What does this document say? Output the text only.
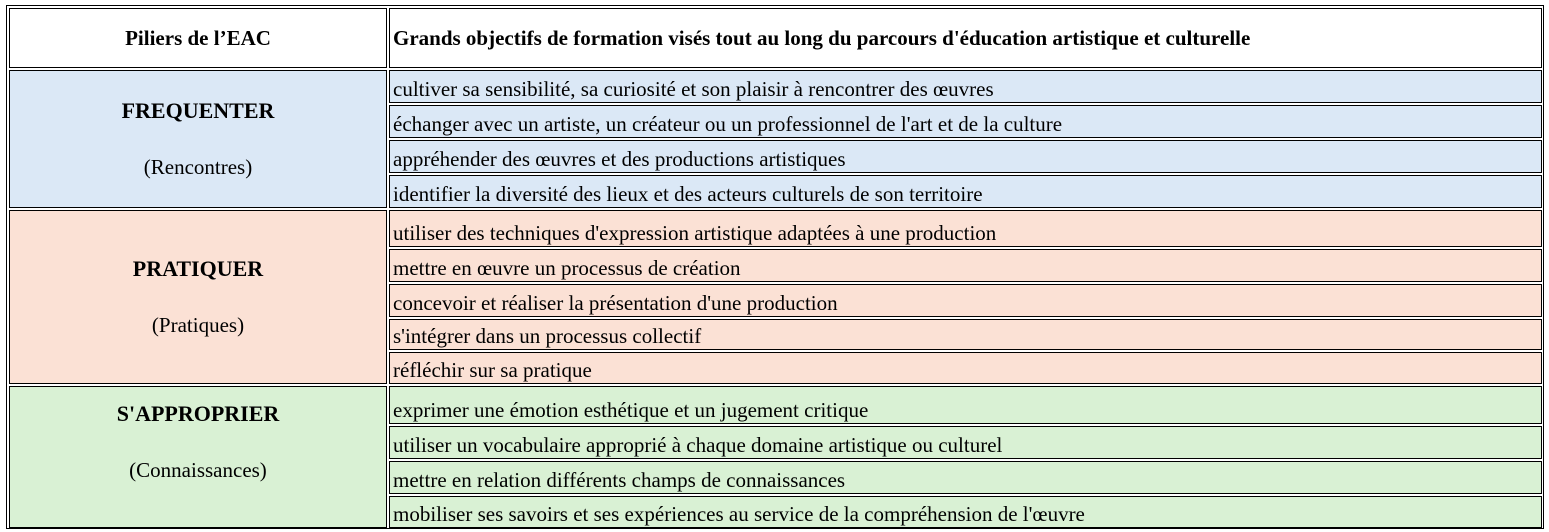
Piliers de l’EAC	Grands objectifs de formation visés tout au long du parcours d'éducation artistique et culturelle
FREQUENTER
(Rencontres)
cultiver sa sensibilité, sa curiosité et son plaisir à rencontrer des œuvres
échanger avec un artiste, un créateur ou un professionnel de l'art et de la culture
appréhender des œuvres et des productions artistiques
identifier la diversité des lieux et des acteurs culturels de son territoire
PRATIQUER
(Pratiques)
utiliser des techniques d'expression artistique adaptées à une production
mettre en œuvre un processus de création
concevoir et réaliser la présentation d'une production
s'intégrer dans un processus collectif
réfléchir sur sa pratique
S'APPROPRIER
(Connaissances)
exprimer une émotion esthétique et un jugement critique
utiliser un vocabulaire approprié à chaque domaine artistique ou culturel
mettre en relation différents champs de connaissances
mobiliser ses savoirs et ses expériences au service de la compréhension de l'œuvre
